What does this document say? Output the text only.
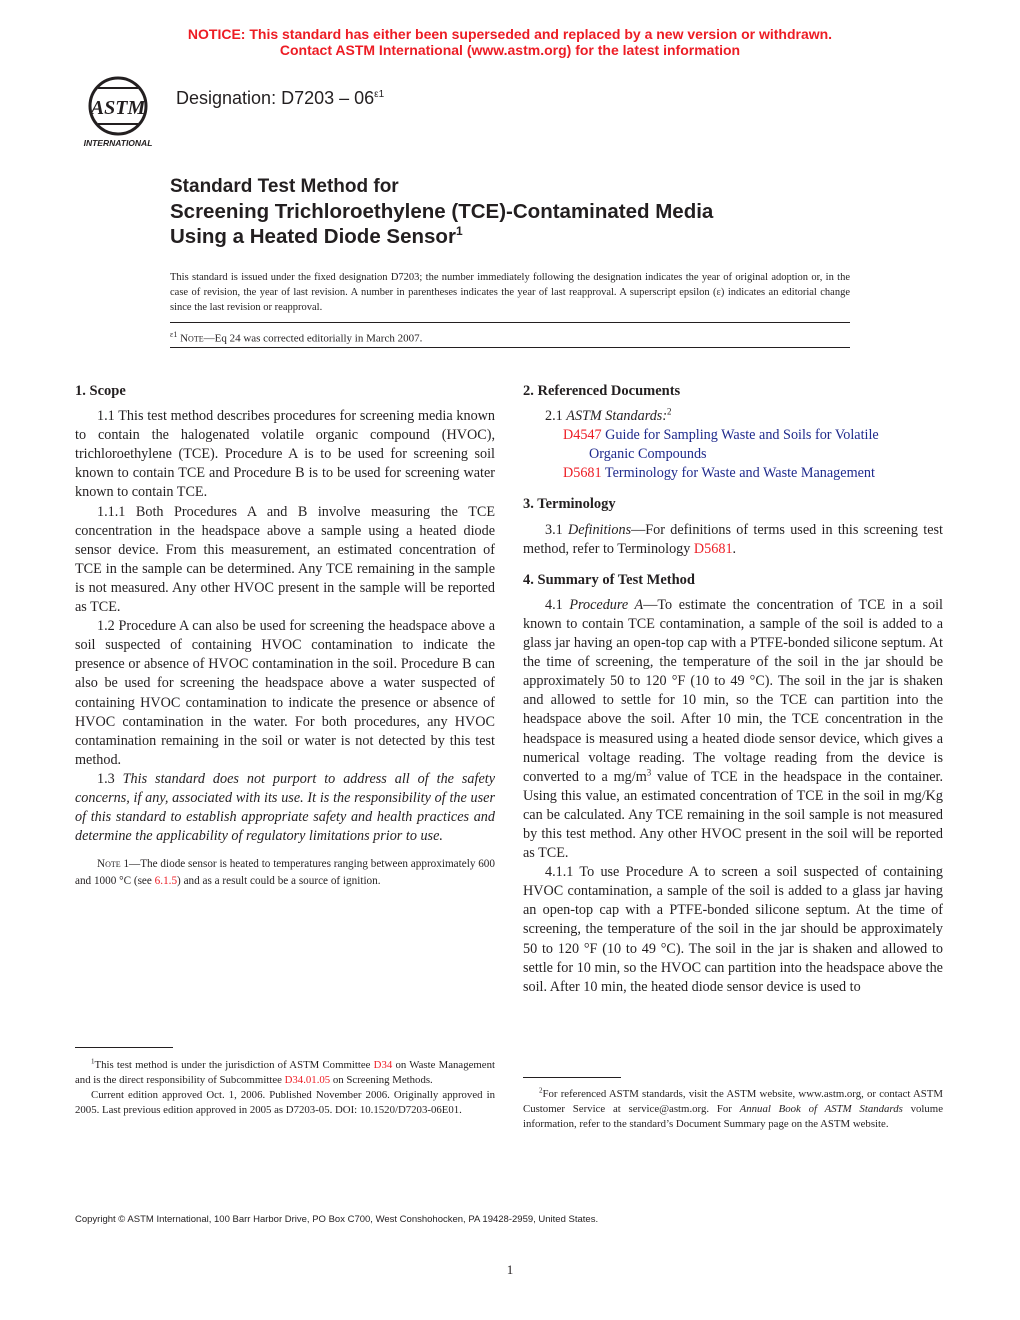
NOTICE: This standard has either been superseded and replaced by a new version or withdrawn.
Contact ASTM International (www.astm.org) for the latest information
ASTM
INTERNATIONAL
Designation: $D7203 - 06^{\varepsilon 1}$
Standard Test Method for
Screening Trichloroethylene (TCE)-Contaminated Media
Using a Heated Diode Sensor$^1$
This standard is issued under the fixed designation D7203; the number immediately following the designation indicates the year of original adoption or, in the case of revision, the year of last revision. A number in parentheses indicates the year of last reapproval. A superscript epsilon (ε) indicates an editorial change since the last revision or reapproval.
$^{\varepsilon 1}$ Note—Eq 24 was corrected editorially in March 2007.
1. Scope

1.1 This test method describes procedures for screening media known to contain the halogenated volatile organic compound (HVOC), trichloroethylene (TCE). Procedure A is to be used for screening soil known to contain TCE and Procedure B is to be used for screening water known to contain TCE.

1.1.1 Both Procedures A and B involve measuring the TCE concentration in the headspace above a sample using a heated diode sensor device. From this measurement, an estimated concentration of TCE in the sample can be determined. Any TCE remaining in the sample is not measured. Any other HVOC present in the sample will be reported as TCE.

1.2 Procedure A can also be used for screening the headspace above a soil suspected of containing HVOC contamination to indicate the presence or absence of HVOC contamination in the soil. Procedure B can also be used for screening the headspace above a water suspected of containing HVOC contamination to indicate the presence or absence of HVOC contamination in the water. For both procedures, any HVOC contamination remaining in the soil or water is not detected by this test method.

1.3 This standard does not purport to address all of the safety concerns, if any, associated with its use. It is the responsibility of the user of this standard to establish appropriate safety and health practices and determine the applicability of regulatory limitations prior to use.

Note 1—The diode sensor is heated to temperatures ranging between approximately 600 and 1000 °C (see 6.1.5) and as a result could be a source of ignition.

2. Referenced Documents

2.1 ASTM Standards:$^2$

D4547 Guide for Sampling Waste and Soils for Volatile
Organic Compounds

D5681 Terminology for Waste and Waste Management

3. Terminology

3.1 Definitions—For definitions of terms used in this screening test method, refer to Terminology D5681.

4. Summary of Test Method

4.1 Procedure A—To estimate the concentration of TCE in a soil known to contain TCE contamination, a sample of the soil is added to a glass jar having an open-top cap with a PTFE-bonded silicone septum. At the time of screening, the temperature of the soil in the jar should be approximately 50 to 120 °F (10 to 49 °C). The soil in the jar is shaken and allowed to settle for 10 min, so the TCE can partition into the headspace above the soil. After 10 min, the TCE concentration in the headspace is measured using a heated diode sensor device, which gives a numerical voltage reading. The voltage reading from the device is converted to a $mg/m^3$ value of TCE in the headspace in the container. Using this value, an estimated concentration of TCE in the soil in mg/Kg can be calculated. Any TCE remaining in the soil sample is not measured by this test method. Any other HVOC present in the soil will be reported as TCE.

4.1.1 To use Procedure A to screen a soil suspected of containing HVOC contamination, a sample of the soil is added to a glass jar having an open-top cap with a PTFE-bonded silicone septum. At the time of screening, the temperature of the soil in the jar should be approximately 50 to 120 °F (10 to 49 °C). The soil in the jar is shaken and allowed to settle for 10 min, so the HVOC can partition into the headspace above the soil. After 10 min, the heated diode sensor device is used to

$^1$This test method is under the jurisdiction of ASTM Committee D34 on Waste Management and is the direct responsibility of Subcommittee D34.01.05 on Screening Methods.

Current edition approved Oct. 1, 2006. Published November 2006. Originally approved in 2005. Last previous edition approved in 2005 as D7203-05. DOI: 10.1520/D7203-06E01.

$^2$For referenced ASTM standards, visit the ASTM website, www.astm.org, or contact ASTM Customer Service at service@astm.org. For Annual Book of ASTM Standards volume information, refer to the standard’s Document Summary page on the ASTM website.

Copyright © ASTM International, 100 Barr Harbor Drive, PO Box C700, West Conshohocken, PA 19428-2959, United States.
1
